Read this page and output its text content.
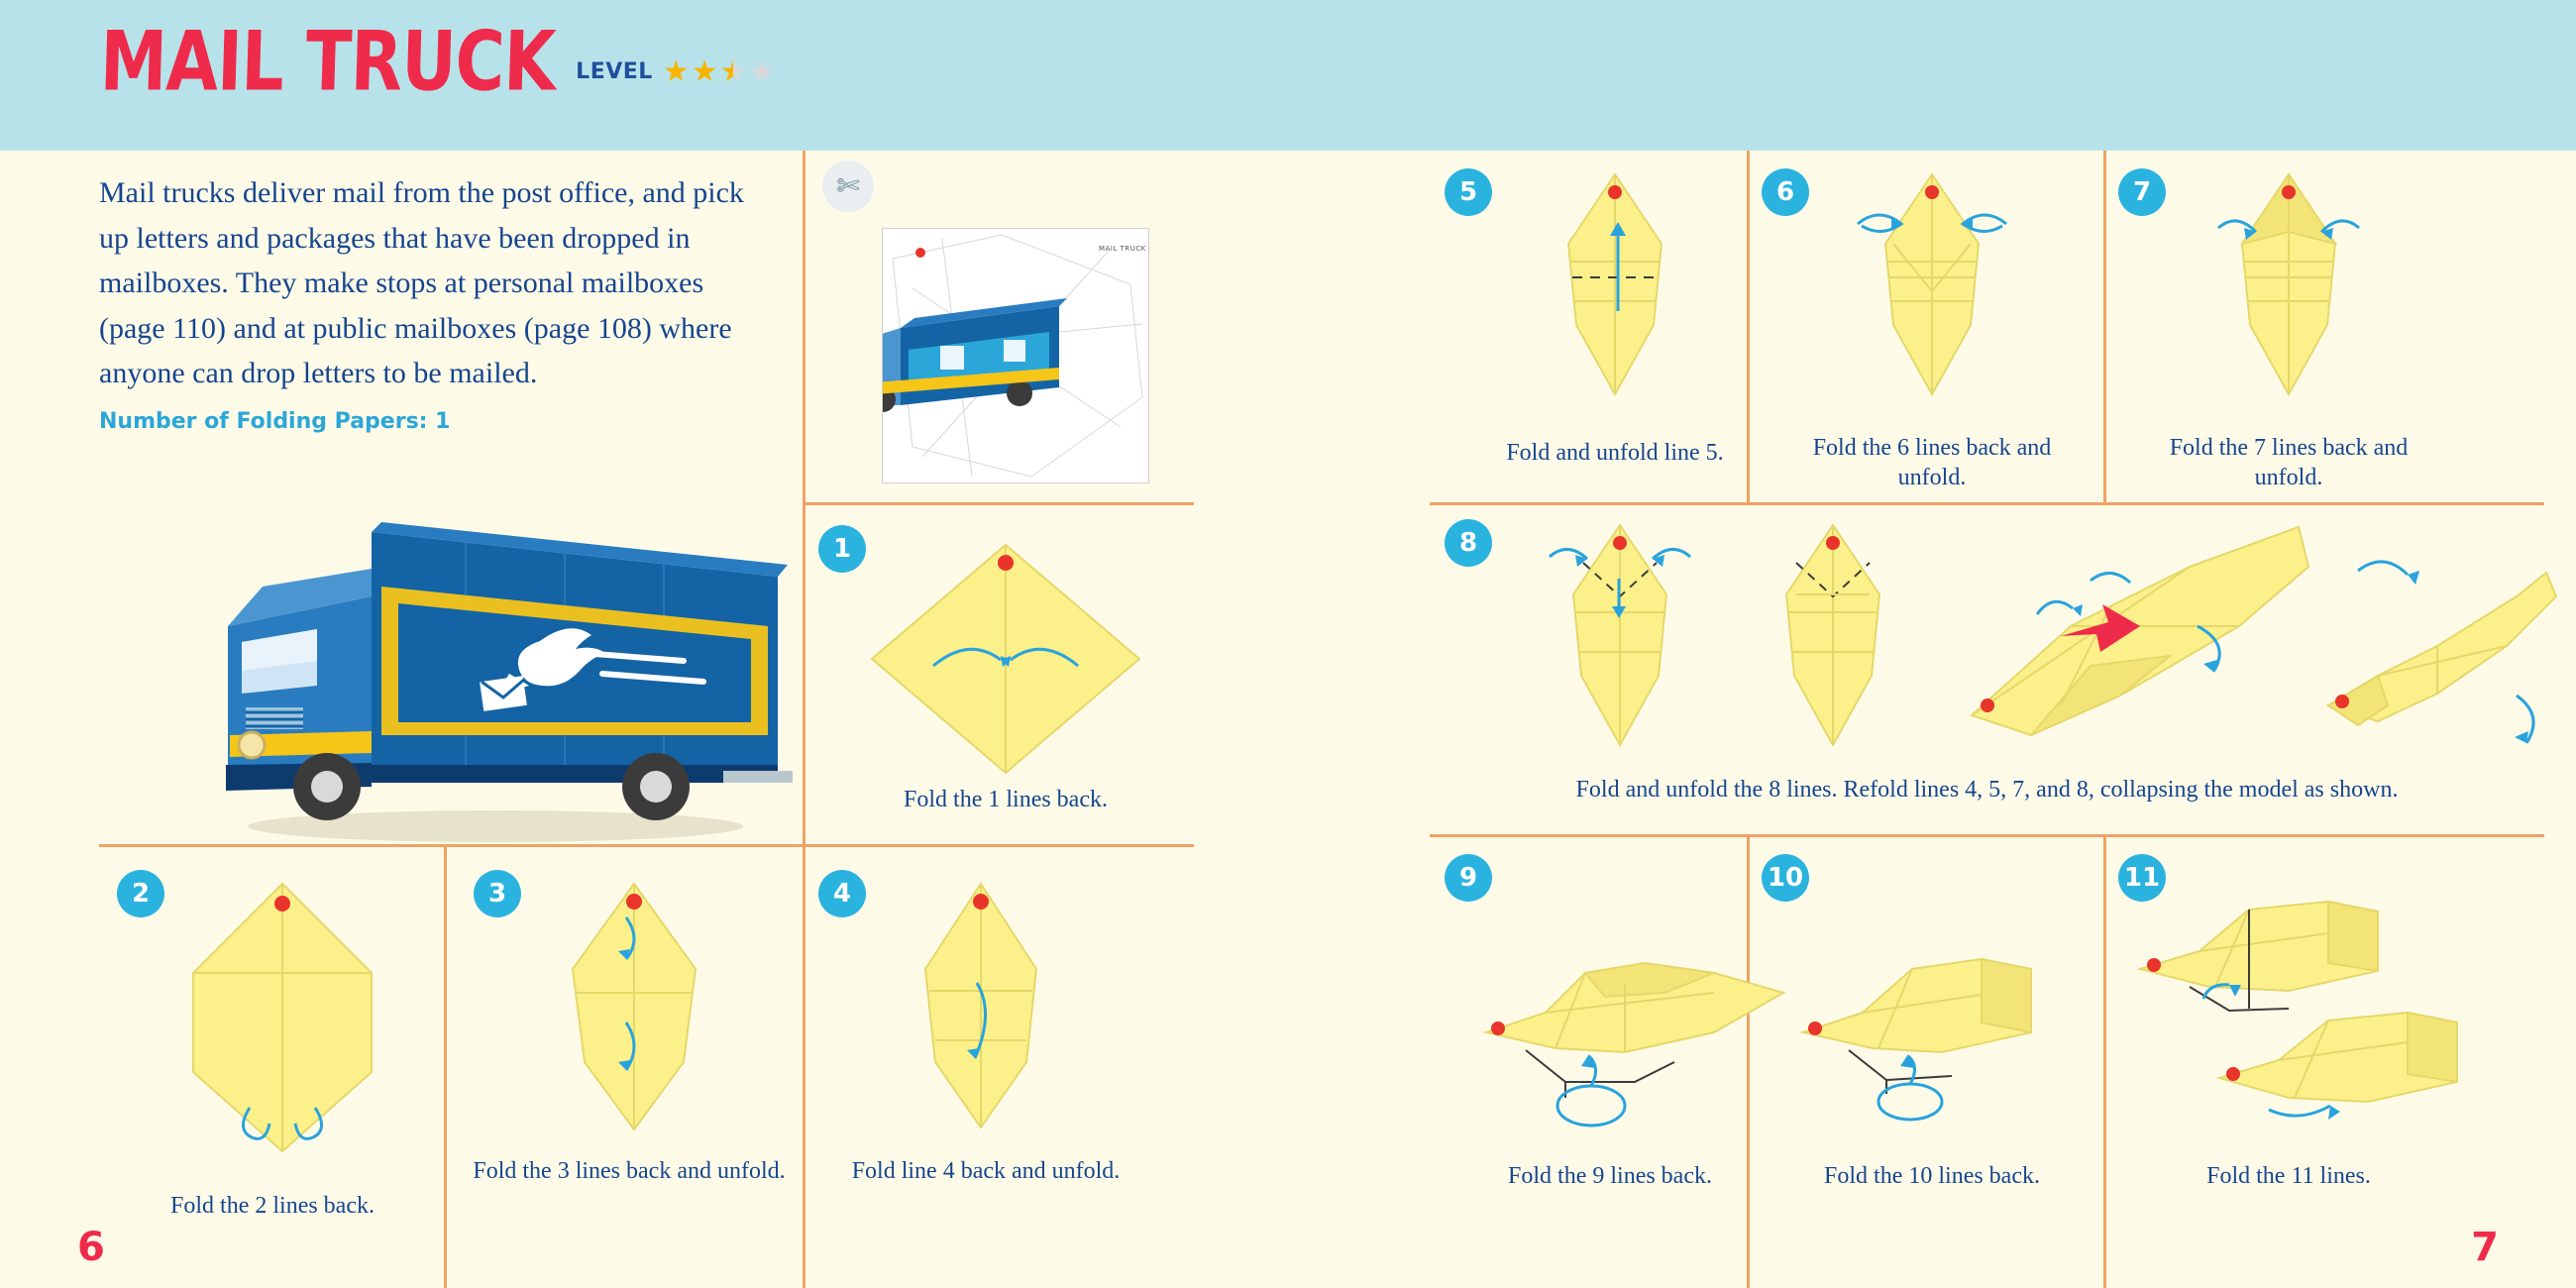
MAIL TRUCK LEVEL ★ ★ ★ ★ ★
Mail trucks deliver mail from the post office, and pick up letters and packages that have been dropped in mailboxes. They make stops at personal mailboxes (page 110) and at public mailboxes (page 108) where anyone can drop letters to be mailed. Number of Folding Papers: 1
✄
MAIL TRUCK
1
Fold the 1 lines back.
2
Fold the 2 lines back.
3
Fold the 3 lines back and unfold.
4
Fold line 4 back and unfold.
6
5
Fold and unfold line 5.
6
Fold the 6 lines back and unfold.
7
Fold the 7 lines back and unfold.
8
Fold and unfold the 8 lines. Refold lines 4, 5, 7, and 8, collapsing the model as shown.
9
Fold the 9 lines back.
10
Fold the 10 lines back.
11
Fold the 11 lines.
7
